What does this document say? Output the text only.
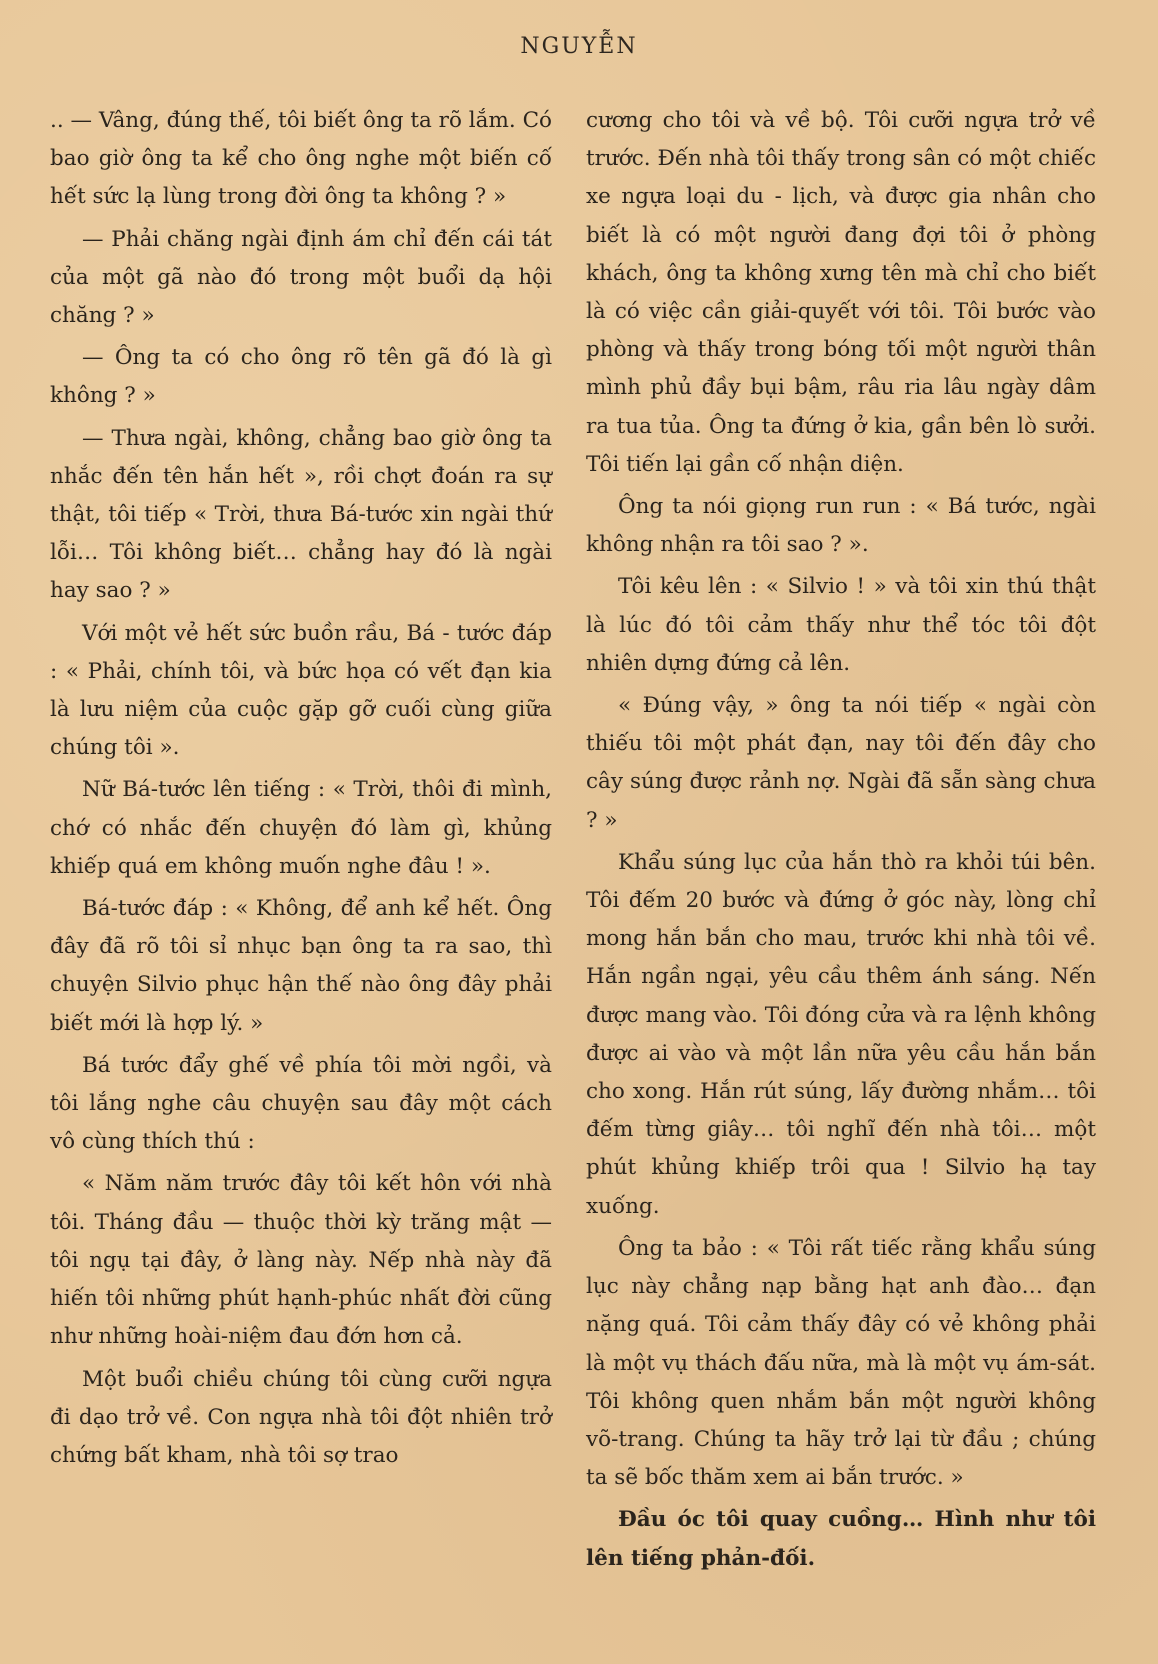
NGUYỄN

.. — Vâng, đúng thế, tôi biết ông ta rõ lắm. Có bao giờ ông ta kể cho ông nghe một biến cố hết sức lạ lùng trong đời ông ta không ? »

— Phải chăng ngài định ám chỉ đến cái tát của một gã nào đó trong một buổi dạ hội chăng ? »

— Ông ta có cho ông rõ tên gã đó là gì không ? »

— Thưa ngài, không, chẳng bao giờ ông ta nhắc đến tên hắn hết », rồi chợt đoán ra sự thật, tôi tiếp « Trời, thưa Bá-tước xin ngài thứ lỗi… Tôi không biết… chẳng hay đó là ngài hay sao ? »

Với một vẻ hết sức buồn rầu, Bá - tước đáp : « Phải, chính tôi, và bức họa có vết đạn kia là lưu niệm của cuộc gặp gỡ cuối cùng giữa chúng tôi ».

Nữ Bá-tước lên tiếng : « Trời, thôi đi mình, chớ có nhắc đến chuyện đó làm gì, khủng khiếp quá em không muốn nghe đâu ! ».

Bá-tước đáp : « Không, để anh kể hết. Ông đây đã rõ tôi sỉ nhục bạn ông ta ra sao, thì chuyện Silvio phục hận thế nào ông đây phải biết mới là hợp lý. »

Bá tước đẩy ghế về phía tôi mời ngồi, và tôi lắng nghe câu chuyện sau đây một cách vô cùng thích thú :

« Năm năm trước đây tôi kết hôn với nhà tôi. Tháng đầu — thuộc thời kỳ trăng mật — tôi ngụ tại đây, ở làng này. Nếp nhà này đã hiến tôi những phút hạnh-phúc nhất đời cũng như những hoài-niệm đau đớn hơn cả.

Một buổi chiều chúng tôi cùng cưỡi ngựa đi dạo trở về. Con ngựa nhà tôi đột nhiên trở chứng bất kham, nhà tôi sợ trao

cương cho tôi và về bộ. Tôi cưỡi ngựa trở về trước. Đến nhà tôi thấy trong sân có một chiếc xe ngựa loại du - lịch, và được gia nhân cho biết là có một người đang đợi tôi ở phòng khách, ông ta không xưng tên mà chỉ cho biết là có việc cần giải-quyết với tôi. Tôi bước vào phòng và thấy trong bóng tối một người thân mình phủ đầy bụi bậm, râu ria lâu ngày dâm ra tua tủa. Ông ta đứng ở kia, gần bên lò sưởi. Tôi tiến lại gần cố nhận diện.

Ông ta nói giọng run run : « Bá tước, ngài không nhận ra tôi sao ? ».

Tôi kêu lên : « Silvio ! » và tôi xin thú thật là lúc đó tôi cảm thấy như thể tóc tôi đột nhiên dựng đứng cả lên.

« Đúng vậy, » ông ta nói tiếp « ngài còn thiếu tôi một phát đạn, nay tôi đến đây cho cây súng được rảnh nợ. Ngài đã sẵn sàng chưa ? »

Khẩu súng lục của hắn thò ra khỏi túi bên. Tôi đếm 20 bước và đứng ở góc này, lòng chỉ mong hắn bắn cho mau, trước khi nhà tôi về. Hắn ngần ngại, yêu cầu thêm ánh sáng. Nến được mang vào. Tôi đóng cửa và ra lệnh không được ai vào và một lần nữa yêu cầu hắn bắn cho xong. Hắn rút súng, lấy đường nhắm… tôi đếm từng giây… tôi nghĩ đến nhà tôi… một phút khủng khiếp trôi qua ! Silvio hạ tay xuống.

Ông ta bảo : « Tôi rất tiếc rằng khẩu súng lục này chẳng nạp bằng hạt anh đào… đạn nặng quá. Tôi cảm thấy đây có vẻ không phải là một vụ thách đấu nữa, mà là một vụ ám-sát. Tôi không quen nhắm bắn một người không võ-trang. Chúng ta hãy trở lại từ đầu ; chúng ta sẽ bốc thăm xem ai bắn trước. »

Đầu óc tôi quay cuồng… Hình như tôi lên tiếng phản-đối.
